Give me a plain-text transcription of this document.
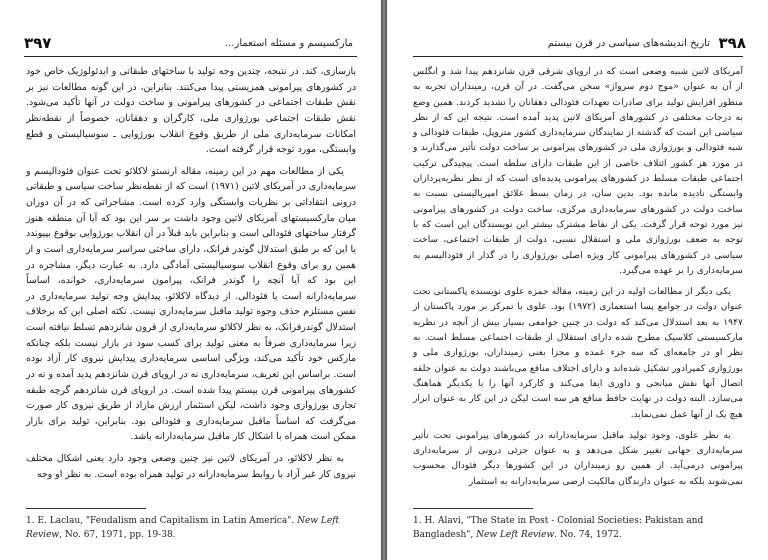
۳۹۷	مارکسیسم و مسئله استعمار...

بازسازی، کند. در نتیجه، چندین وجه تولید با ساختهای طبقاتی و ایدئولوژیک خاص خود در کشورهای پیرامونی همزیستی پیدا می‌کنند. بنابراین، در این گونه مطالعات نیز بر نقش طبقات اجتماعی در کشورهای پیرامونی و ساخت دولت در آنها تأکید می‌شود. نقش طبقات اجتماعی بورژوازی ملی، کارگران و دهقانان، خصوصاً از نقطه‌نظر امکانات سرمایه‌داری ملی از طریق وقوع انقلاب بورژوایی ـ سوسیالیستی و قطع وابستگی، مورد توجه قرار گرفته است.

یکی از مطالعات مهم در این زمینه، مقاله ارنستو لاکلائو تحت عنوان فئودالیسم و سرمایه‌داری در آمریکای لاتین (۱۹۷۱) است که از نقطه‌نظر ساخت سیاسی و طبقاتی درونی انتقاداتی بر نظریات وابستگی وارد کرده است. مشاجراتی که در آن دوران میان مارکسیستهای آمریکای لاتین وجود داشت بر سر این بود که آیا آن منطقه هنوز گرفتار ساختهای فئودالی است و بنابراین باید قبلاً در آن انقلاب بورژوایی بوقوع بپیوندد یا این که بر طبق استدلال گوندر فرانک، دارای ساختی سراسر سرمایه‌داری است و از همین رو برای وقوع انقلاب سوسیالیستی آمادگی دارد. به عبارت دیگر، مشاجره در این بود که آیا آنچه را گوندر فرانک، پیرامون سرمایه‌داری، خوانده، اساساً سرمایه‌دارانه است یا فئودالی. از دیدگاه لاکلائو، پیدایش وجه تولید سرمایه‌داری در نفس مستلزم حذف وجوه تولید ماقبل سرمایه‌داری نیست. نکته اصلی این که برخلاف استدلال گوندرفرانک، به نظر لاکلائو سرمایه‌داری از قرون شانزدهم تسلط نیافته است زیرا سرمایه‌داری صرفاً به معنی تولید برای کسب سود در بازار نیست بلکه چنانکه مارکس خود تأکید می‌کند، ویژگی اساسی سرمایه‌داری پیدایش نیروی کار آزاد بوده است. براساس این تعریف، سرمایه‌داری نه در اروپای قرن شانزدهم پدید آمده و نه در کشورهای پیرامونی قرن بیستم پیدا شده است. در اروپای قرن شانزدهم گرچه طبقه تجاری بورژوازی وجود داشت، لیکن استثمار ارزش مازاد از طریق نیروی کار صورت می‌گرفت که اساساً ماقبل سرمایه‌داری و فئودالی بود. بنابراین، تولید برای بازار ممکن است همراه با اشکال کار ماقبل سرمایه‌دارانه باشد.

به نظر لاکلائو، در آمریکای لاتین نیز چنین وضعی وجود دارد یعنی اشکال مختلف نیروی کار غیر آزاد با روابط سرمایه‌دارانه در تولید همراه بوده است. به نظر او وجه

1. E. Laclau, "Feudalism and Capitalism in Latin America". New Left Review, No. 67, 1971, pp. 19-38.
۳۹۸
تاریخ اندیشه‌های سیاسی در قرن بیستم

آمریکای لاتین شبیه وضعی است که در اروپای شرقی قرن شانزدهم پیدا شد و انگلس از آن به عنوان «موج دوم سرواژ» سخن می‌گفت. در آن قرن، زمینداران تجربه به منظور افزایش تولید برای صادرات تعهدات فئودالی دهقانان را تشدید کردند. همین وضع به درجات مختلفی در کشورهای آمریکای لاتین پدید آمده است. نتیجه این که از نظر سیاسی این است که گذشته از نمایندگان سرمایه‌داری کشور متروپل، طبقات فئودالی و شبه فئودالی و بورژوازی ملی در کشورهای پیرامونی بر ساخت دولت تأثیر می‌گذارند و در مورد هر کشور ائتلاف خاصی از این طبقات دارای سلطه است. پیچیدگی ترکیب اجتماعی طبقات مسلط در کشورهای پیرامونی پدیده‌ای است که از نظر نظریه‌پردازان وابستگی نادیده مانده بود. بدین سان، در زمان بسط علائق امپریالیستی نسبت به ساخت دولت در کشورهای سرمایه‌داری مرکزی، ساخت دولت در کشورهای پیرامونی نیز مورد توجه قرار گرفت. یکی از نقاط مشترک بیشتر این نویسندگان این است که با توجه به ضعف بورژوازی ملی و استقلال نسبی، دولت از طبقات اجتماعی، ساخت سیاسی در کشورهای پیرامونی کار ویژه اصلی بورژوازی را در گذار از فئودالیسم به سرمایه‌داری را بر عهده می‌گیرد.

یکی دیگر از مطالعات اولیه در این زمینه، مقاله حمزه علوی نویسنده پاکستانی تحت عنوان دولت در جوامع پسا استعماری (۱۹۷۲) بود. علوی با تمرکز بر مورد پاکستان از ۱۹۴۷ به بعد استدلال می‌کند که دولت در چنین جوامعی بسیار بیش از آنچه در نظریه مارکسیستی کلاسیک مطرح شده دارای استقلال از طبقات اجتماعی مسلط است. به نظر او در جامعه‌ای که سه جزء عمده و مجزا یعنی زمینداران، بورژوازی ملی و بورژوازی کمپرادور تشکیل شده‌اند و دارای اختلاف منافع می‌باشند دولت به عنوان حلقه اتصال آنها نقش میانجی و داوری ایفا می‌کند و کارکرد آنها را با یکدیگر هماهنگ می‌سازد. البته دولت در نهایت حافظ منافع هر سه است لیکن در این کار به عنوان ابزار هیچ یک از آنها عمل نمی‌نماید.

به نظر علوی، وجود تولید ماقبل سرمایه‌دارانه در کشورهای پیرامونی تحت تأثیر سرمایه‌داری جهانی تغییر شکل می‌دهد و به عنوان جزئی درونی از سرمایه‌داری پیرامونی درمی‌آید. از همین رو زمینداران در این کشورها دیگر فئودال محسوب نمی‌شوند بلکه به عنوان دارندگان مالکیت ارضی سرمایه‌دارانه به استثمار

1. H. Alavi, "The State in Post - Colonial Societies: Pakistan and Bangladesh", New Left Review. No. 74, 1972.
